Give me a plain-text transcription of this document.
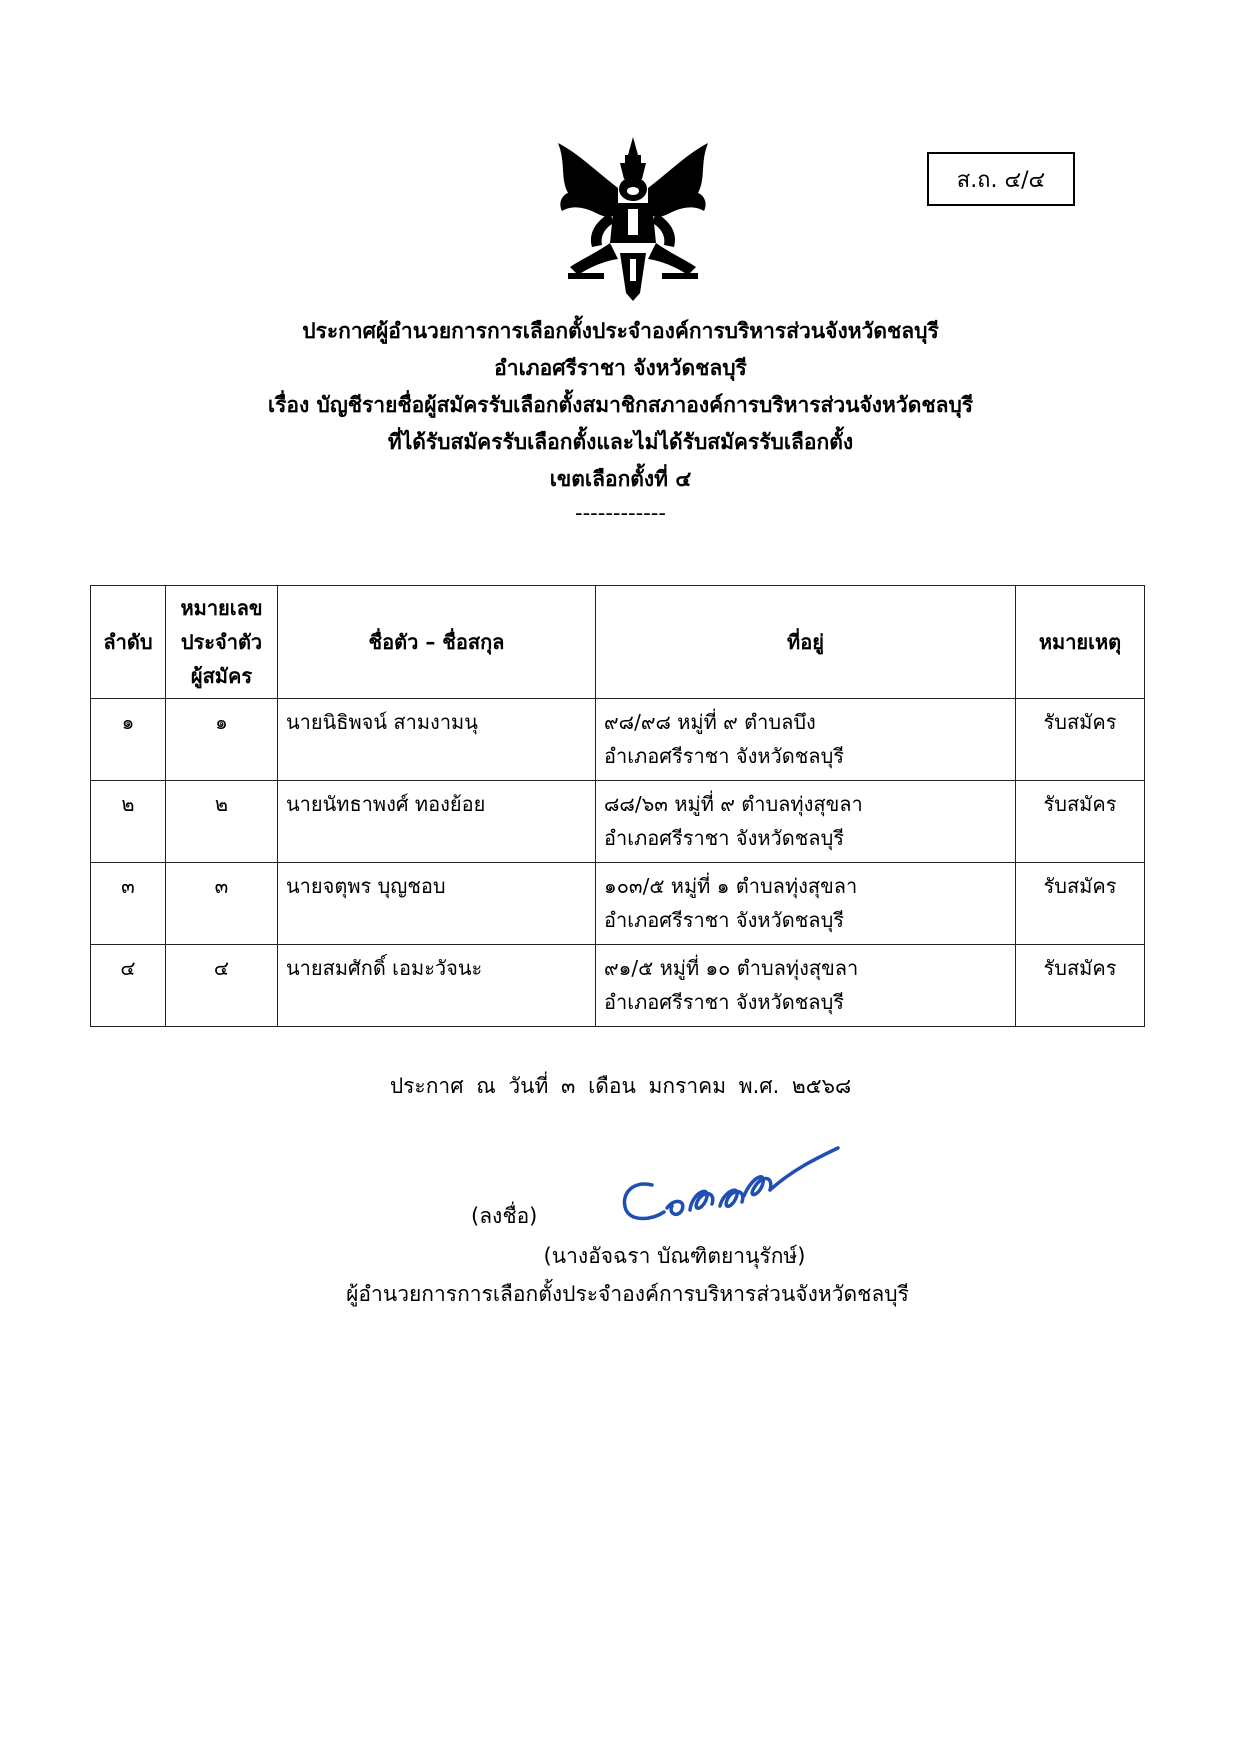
ส.ถ. ๔/๔
ประกาศผู้อำนวยการการเลือกตั้งประจำองค์การบริหารส่วนจังหวัดชลบุรี
อำเภอศรีราชา จังหวัดชลบุรี
เรื่อง บัญชีรายชื่อผู้สมัครรับเลือกตั้งสมาชิกสภาองค์การบริหารส่วนจังหวัดชลบุรี
ที่ได้รับสมัครรับเลือกตั้งและไม่ได้รับสมัครรับเลือกตั้ง
เขตเลือกตั้งที่ ๔
------------
ลำดับ	หมายเลข
ประจำตัว
ผู้สมัคร	ชื่อตัว – ชื่อสกุล	ที่อยู่	หมายเหตุ
๑	๑	นายนิธิพจน์ สามงามนุ	๙๘/๙๘ หมู่ที่ ๙ ตำบลบึง
อำเภอศรีราชา จังหวัดชลบุรี	รับสมัคร
๒	๒	นายนัทธาพงศ์ ทองย้อย	๘๘/๖๓ หมู่ที่ ๙ ตำบลทุ่งสุขลา
อำเภอศรีราชา จังหวัดชลบุรี	รับสมัคร
๓	๓	นายจตุพร บุญชอบ	๑๐๓/๕ หมู่ที่ ๑ ตำบลทุ่งสุขลา
อำเภอศรีราชา จังหวัดชลบุรี	รับสมัคร
๔	๔	นายสมศักดิ์ เอมะวัจนะ	๙๑/๕ หมู่ที่ ๑๐ ตำบลทุ่งสุขลา
อำเภอศรีราชา จังหวัดชลบุรี	รับสมัคร
ประกาศ ณ วันที่ ๓ เดือน มกราคม พ.ศ. ๒๕๖๘
(ลงชื่อ)
(นางอัจฉรา บัณฑิตยานุรักษ์)
ผู้อำนวยการการเลือกตั้งประจำองค์การบริหารส่วนจังหวัดชลบุรี
